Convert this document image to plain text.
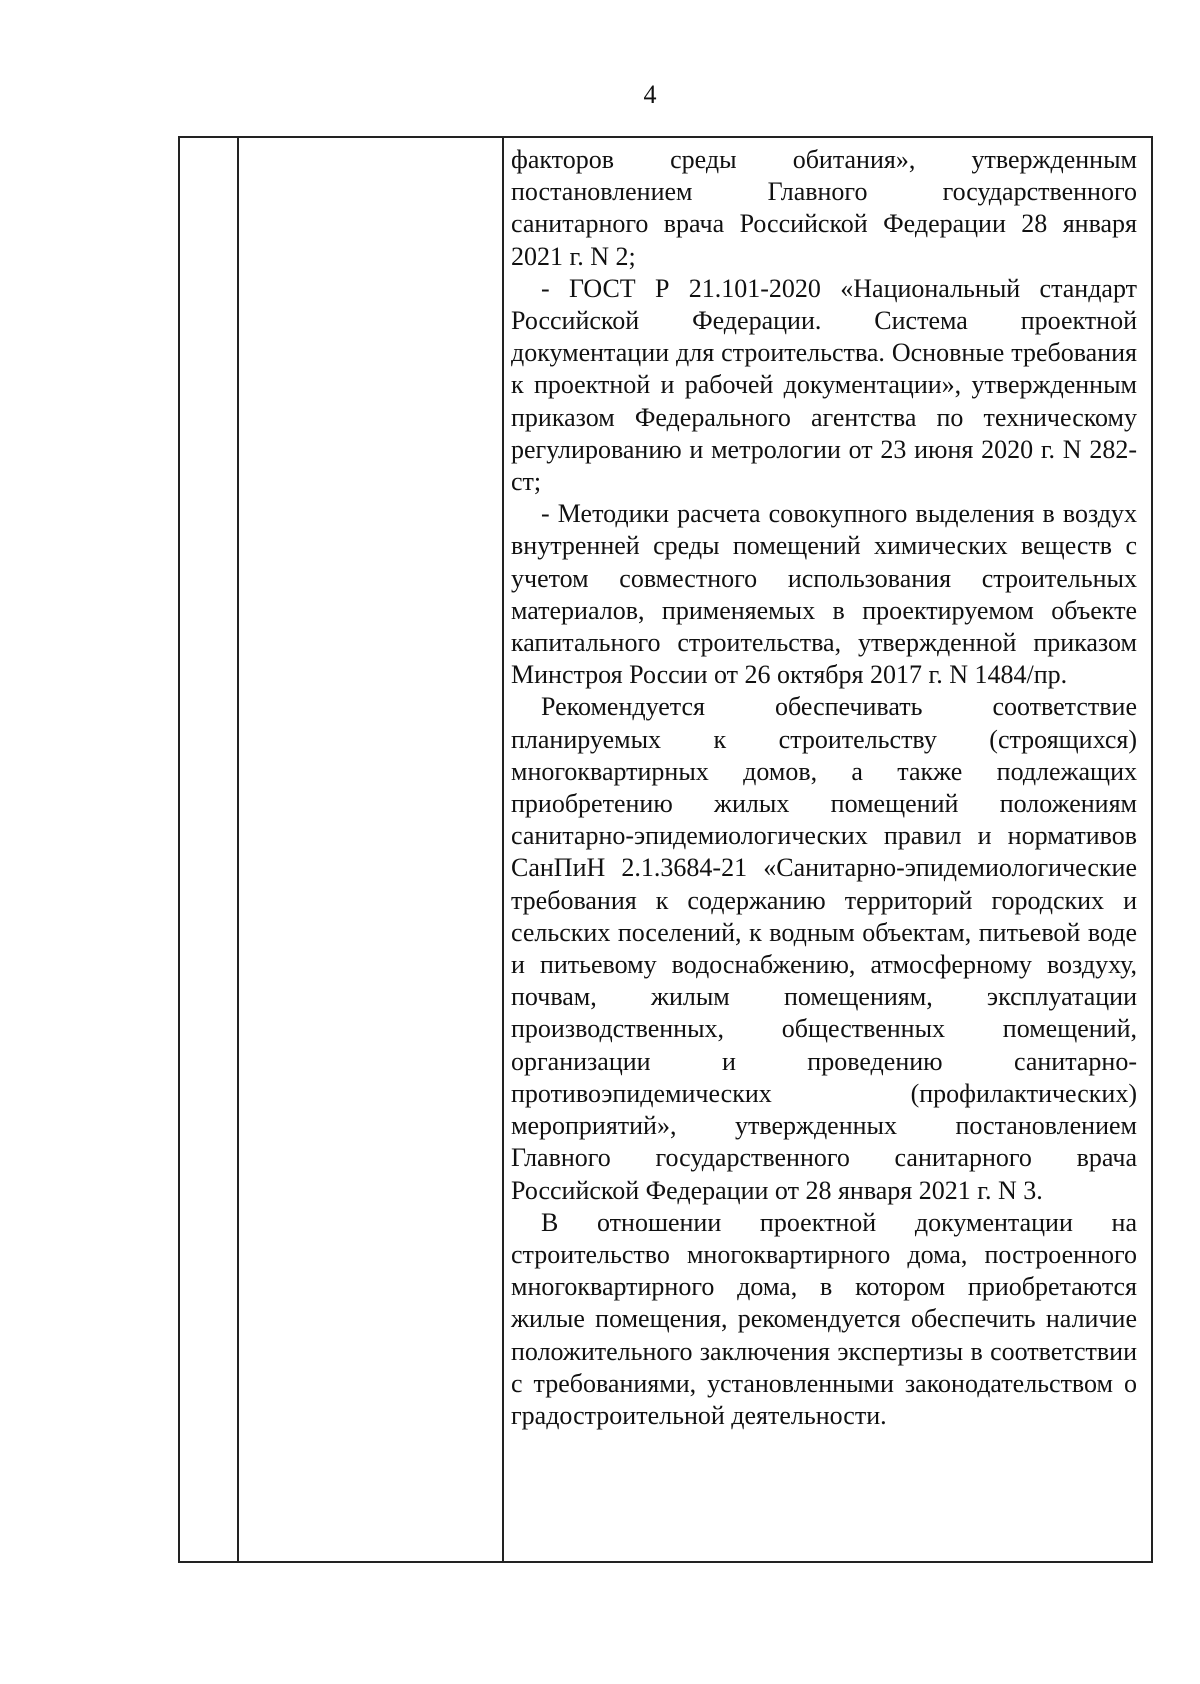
4

факторов среды обитания», утвержденным постановлением Главного государственного санитарного врача Российской Федерации 28 января 2021 г. N 2;

- ГОСТ Р 21.101-2020 «Национальный стандарт Российской Федерации. Система проектной документации для строительства. Основные требования к проектной и рабочей документации», утвержденным приказом Федерального агентства по техническому регулированию и метрологии от 23 июня 2020 г. N 282-ст;

- Методики расчета совокупного выделения в воздух внутренней среды помещений химических веществ с учетом совместного использования строительных материалов, применяемых в проектируемом объекте капитального строительства, утвержденной приказом Минстроя России от 26 октября 2017 г. N 1484/пр.

Рекомендуется обеспечивать соответствие планируемых к строительству (строящихся) многоквартирных домов, а также подлежащих приобретению жилых помещений положениям санитарно-эпидемиологических правил и нормативов СанПиН 2.1.3684-21 «Санитарно-эпидемиологические требования к содержанию территорий городских и сельских поселений, к водным объектам, питьевой воде и питьевому водоснабжению, атмосферному воздуху, почвам, жилым помещениям, эксплуатации производственных, общественных помещений, организации и проведению санитарно-противоэпидемических (профилактических) мероприятий», утвержденных постановлением Главного государственного санитарного врача Российской Федерации от 28 января 2021 г. N 3.

В отношении проектной документации на строительство многоквартирного дома, построенного многоквартирного дома, в котором приобретаются жилые помещения, рекомендуется обеспечить наличие положительного заключения экспертизы в соответствии с требованиями, установленными законодательством о градостроительной деятельности.
